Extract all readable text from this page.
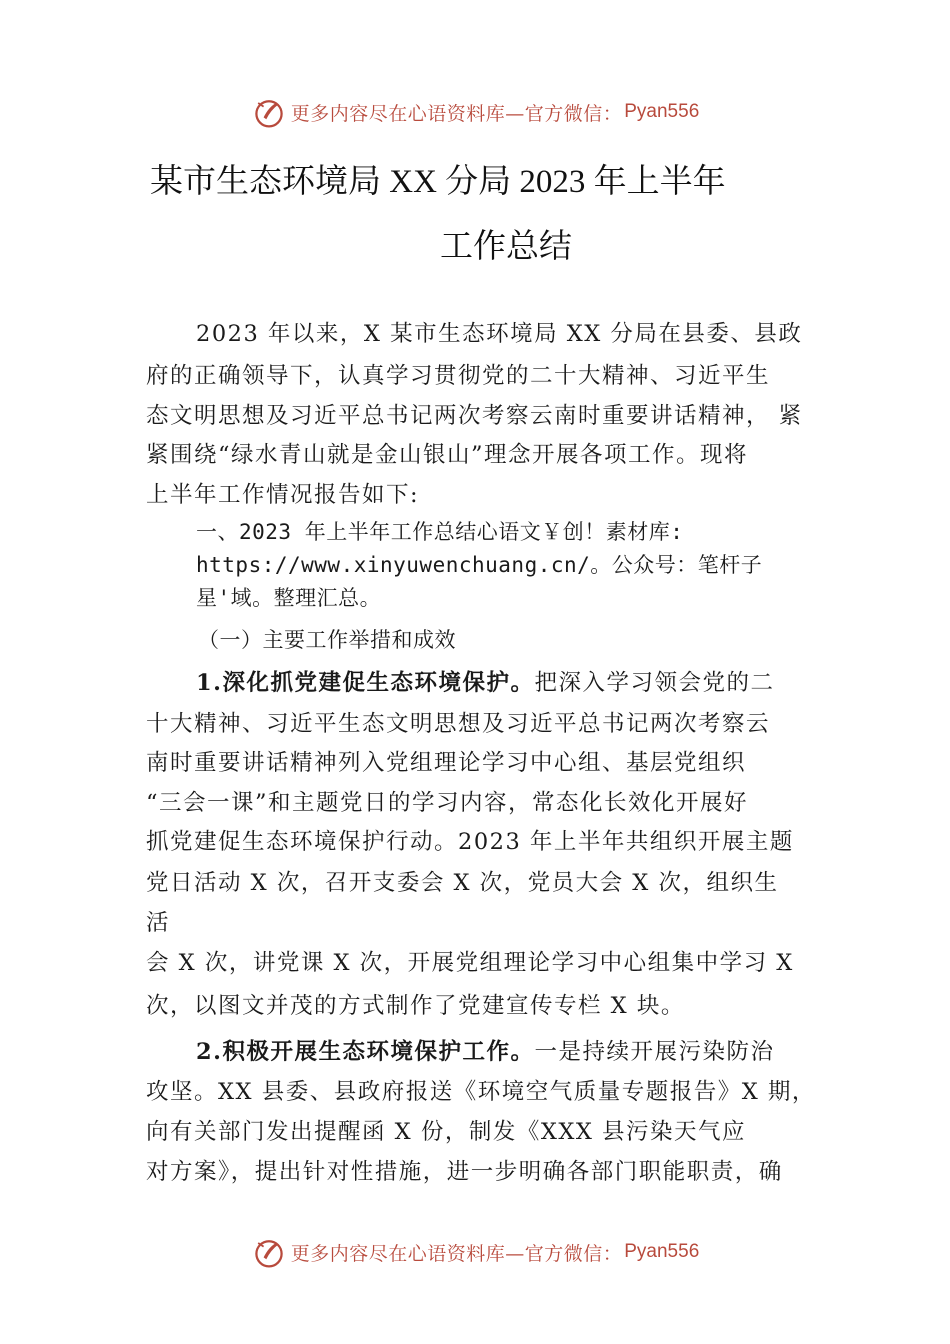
更多内容尽在心语资料库—官方微信： Pyan556
某市生态环境局 XX 分局 2023 年上半年
工作总结
2023 年以来，X 某市生态环境局 XX 分局在县委、县政
府的正确领导下，认真学习贯彻党的二十大精神、习近平生
态文明思想及习近平总书记两次考察云南时重要讲话精神， 紧
紧围绕“绿水青山就是金山银山”理念开展各项工作。现将
上半年工作情况报告如下:
一、2023 年上半年工作总结心语文￥创！素材库:
https://www.xinyuwenchuang.cn/。公众号：笔杆子
星'域。整理汇总。
（一）主要工作举措和成效
1.深化抓党建促生态环境保护。把深入学习领会党的二
十大精神、习近平生态文明思想及习近平总书记两次考察云
南时重要讲话精神列入党组理论学习中心组、基层党组织
“三会一课”和主题党日的学习内容，常态化长效化开展好
抓党建促生态环境保护行动。2023 年上半年共组织开展主题
党日活动 X 次，召开支委会 X 次，党员大会 X 次，组织生
活
会 X 次，讲党课 X 次，开展党组理论学习中心组集中学习 X
次，以图文并茂的方式制作了党建宣传专栏 X 块。
2.积极开展生态环境保护工作。一是持续开展污染防治
攻坚。XX 县委、县政府报送《环境空气质量专题报告》X 期，
向有关部门发出提醒函 X 份，制发《XXX 县污染天气应
对方案》，提出针对性措施，进一步明确各部门职能职责，确
更多内容尽在心语资料库—官方微信： Pyan556
